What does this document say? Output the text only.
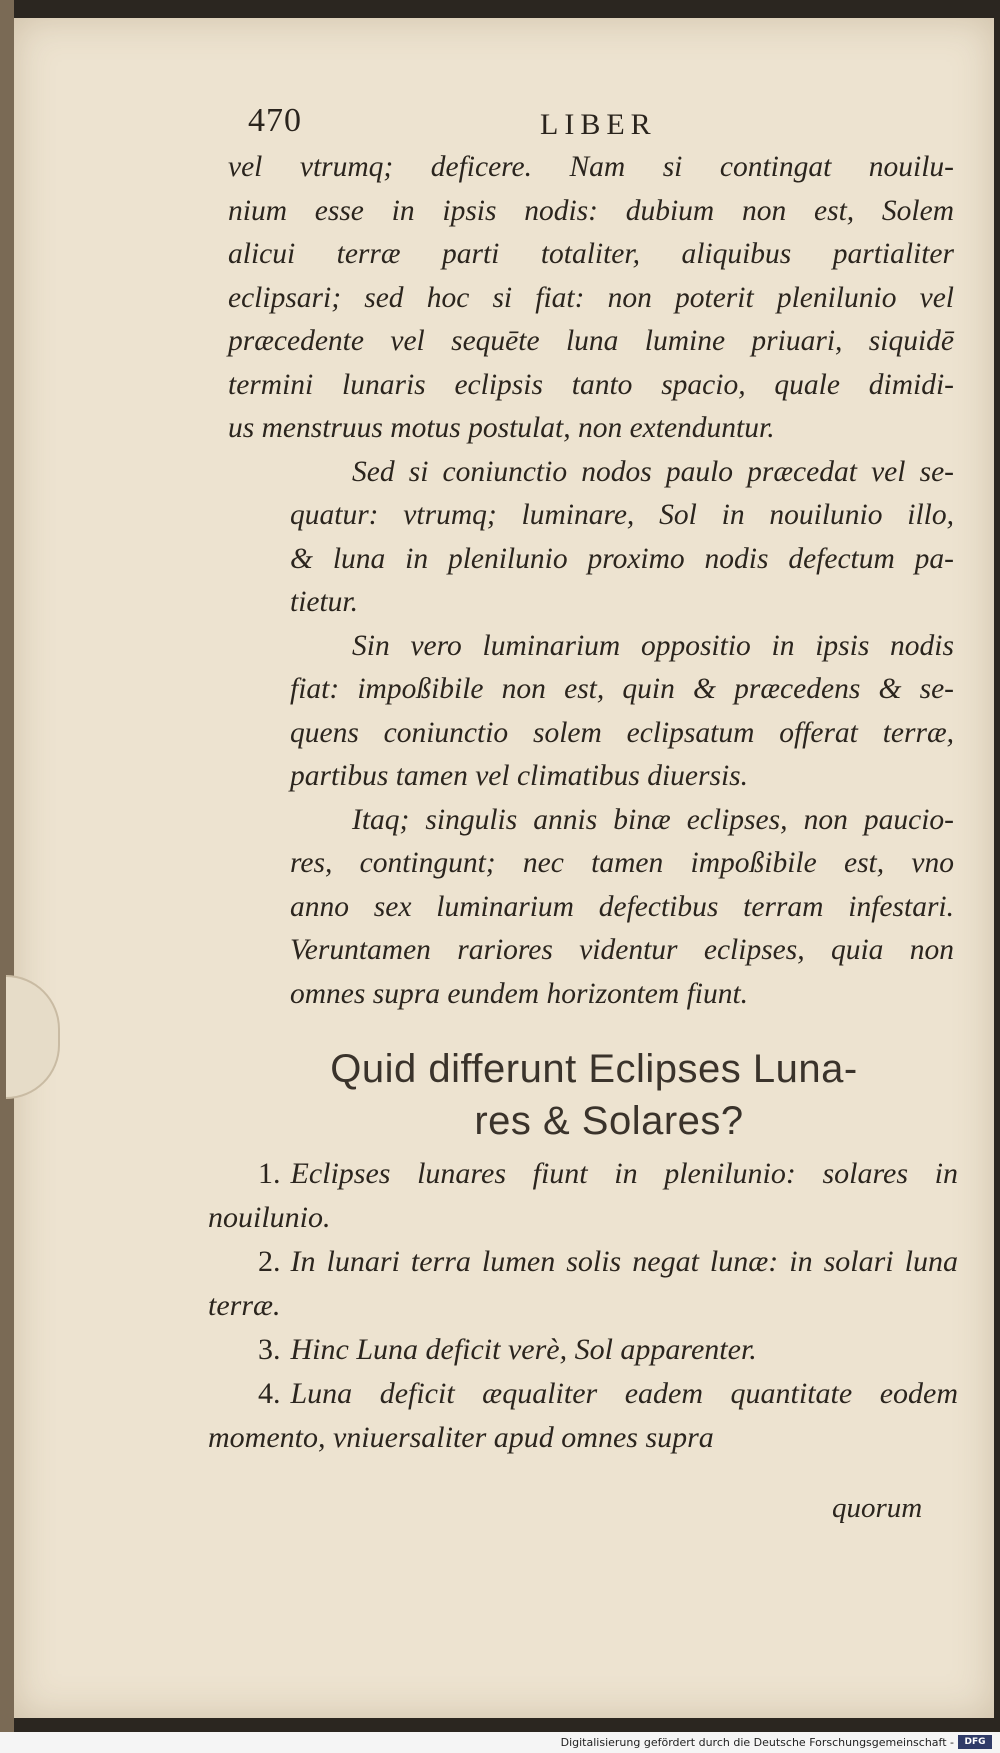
470	LIBER

vel vtrumq; deficere. Nam si contingat nouilu-
nium esse in ipsis nodis: dubium non est, Solem
alicui terræ parti totaliter, aliquibus partialiter
eclipsari; sed hoc si fiat: non poterit plenilunio vel
præcedente vel sequēte luna lumine priuari, siquidē
termini lunaris eclipsis tanto spacio, quale dimidi-
us menstruus motus postulat, non extenduntur.

Sed si coniunctio nodos paulo præcedat vel se-
quatur: vtrumq; luminare, Sol in nouilunio illo,
& luna in plenilunio proximo nodis defectum pa-
tietur.

Sin vero luminarium oppositio in ipsis nodis
fiat: impoßibile non est, quin & præcedens & se-
quens coniunctio solem eclipsatum offerat terræ,
partibus tamen vel climatibus diuersis.

Itaq; singulis annis binæ eclipses, non paucio-
res, contingunt; nec tamen impoßibile est, vno
anno sex luminarium defectibus terram infestari.
Veruntamen rariores videntur eclipses, quia non
omnes supra eundem horizontem fiunt.

Quid differunt Eclipses Luna-
res & Solares?

1. Eclipses lunares fiunt in plenilunio: solares in nouilunio.

2. In lunari terra lumen solis negat lunæ: in solari luna terræ.

3. Hinc Luna deficit verè, Sol apparenter.

4. Luna deficit æqualiter eadem quantitate eodem momento, vniuersaliter apud omnes supra

quorum
Digitalisierung gefördert durch die Deutsche Forschungsgemeinschaft -	DFG
